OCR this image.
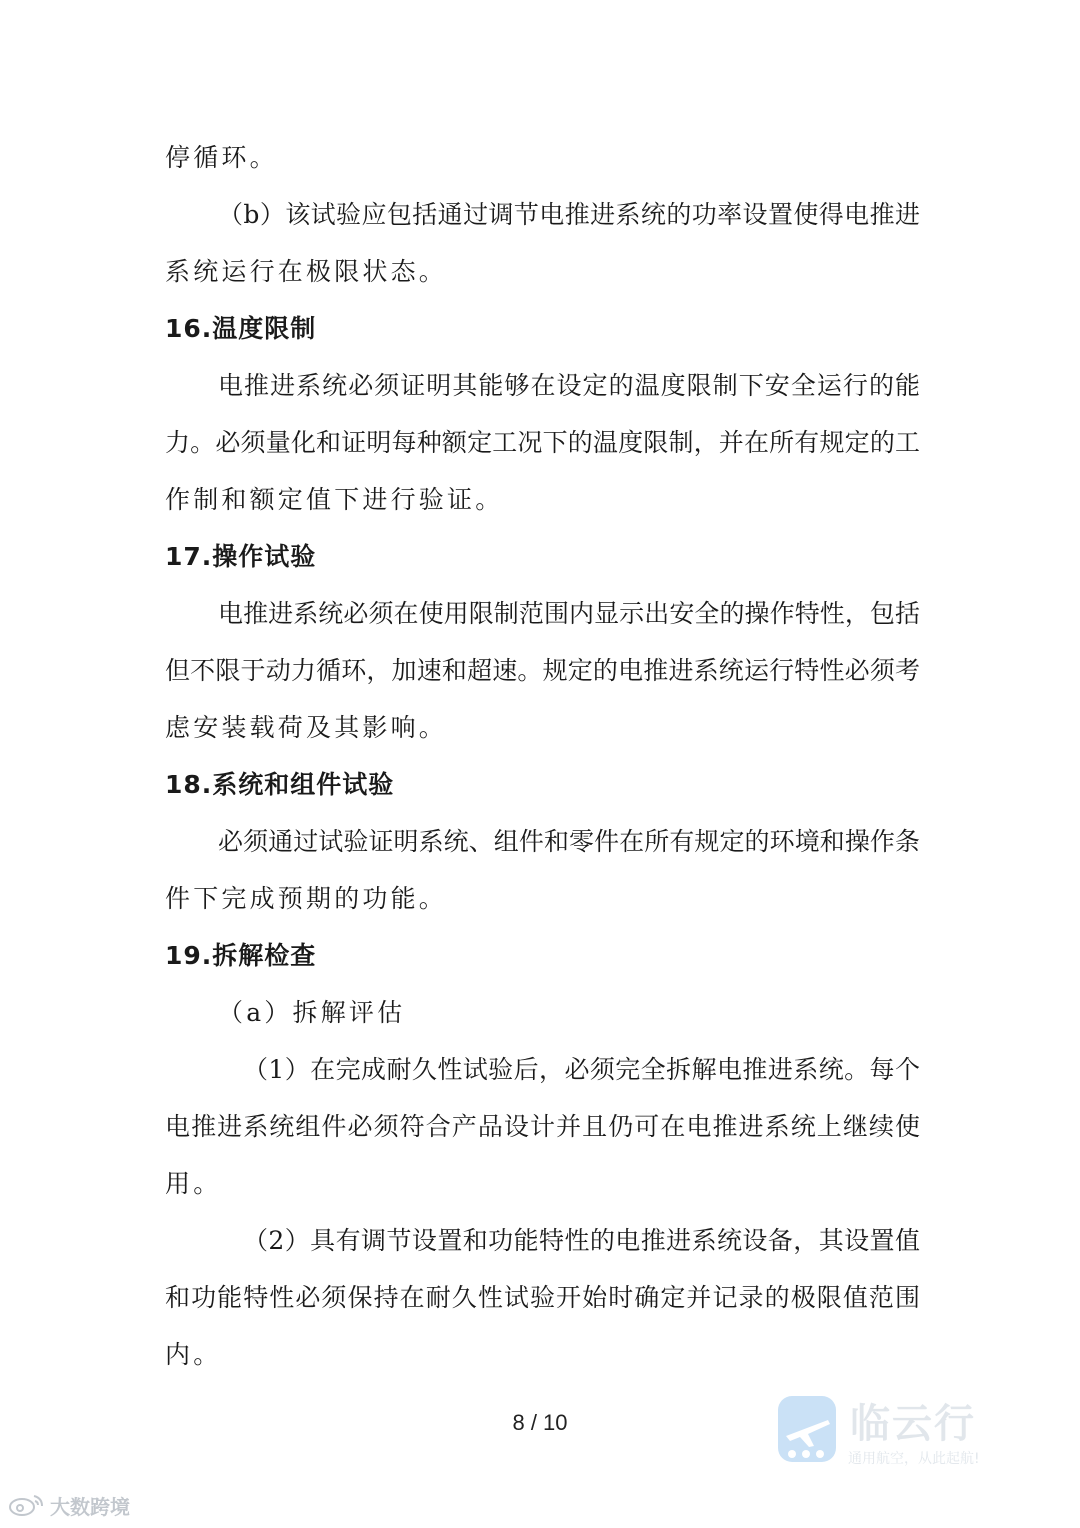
停循环。
（b）该试验应包括通过调节电推进系统的功率设置使得电推进
系统运行在极限状态。
16.温度限制
电推进系统必须证明其能够在设定的温度限制下安全运行的能
力。必须量化和证明每种额定工况下的温度限制，并在所有规定的工
作制和额定值下进行验证。
17.操作试验
电推进系统必须在使用限制范围内显示出安全的操作特性，包括
但不限于动力循环，加速和超速。规定的电推进系统运行特性必须考
虑安装载荷及其影响。
18.系统和组件试验
必须通过试验证明系统、组件和零件在所有规定的环境和操作条
件下完成预期的功能。
19.拆解检查
（a）拆解评估
（1）在完成耐久性试验后，必须完全拆解电推进系统。每个
电推进系统组件必须符合产品设计并且仍可在电推进系统上继续使
用。
（2）具有调节设置和功能特性的电推进系统设备，其设置值
和功能特性必须保持在耐久性试验开始时确定并记录的极限值范围
内。
8 / 10	临云行
通用航空，从此起航!
大数跨境
